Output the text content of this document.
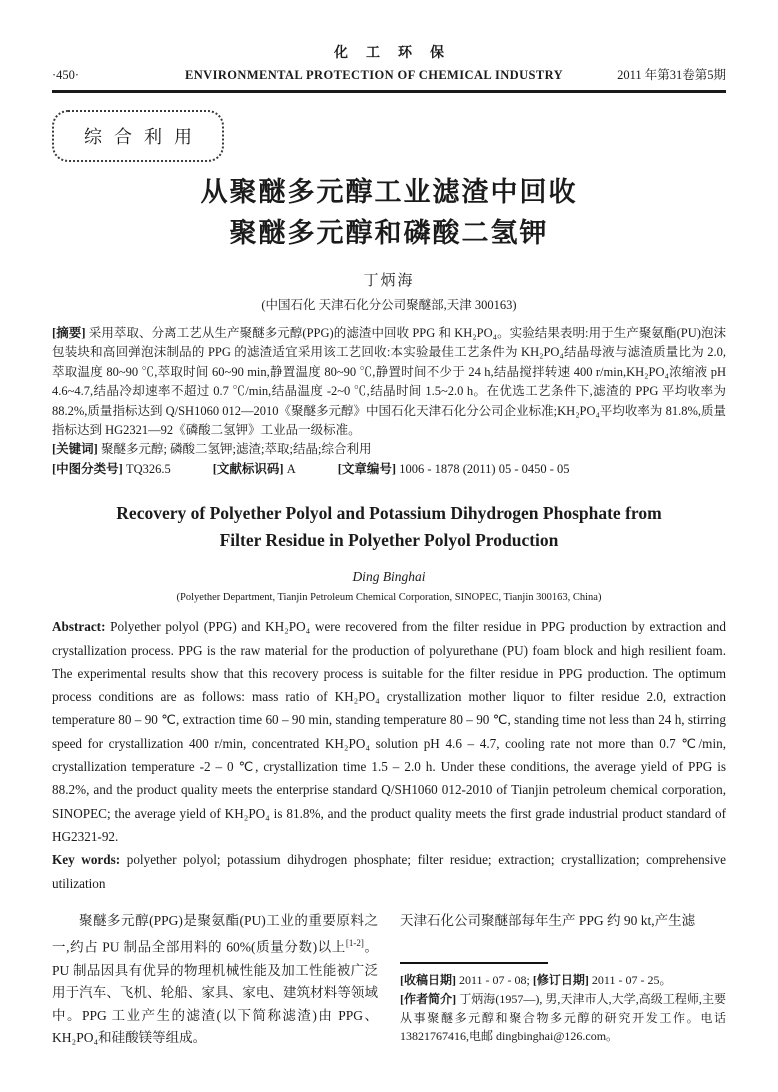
化工环保
·450·	ENVIRONMENTAL PROTECTION OF CHEMICAL INDUSTRY	2011 年第31卷第5期
综合利用
从聚醚多元醇工业滤渣中回收
聚醚多元醇和磷酸二氢钾
丁炳海
(中国石化 天津石化分公司聚醚部,天津 300163)

[摘要] 采用萃取、分离工艺从生产聚醚多元醇(PPG)的滤渣中回收 PPG 和 KH₂PO₄。实验结果表明:用于生产聚氨酯(PU)泡沫包装块和高回弹泡沫制品的 PPG 的滤渣适宜采用该工艺回收:本实验最佳工艺条件为 KH₂PO₄结晶母液与滤渣质量比为 2.0,萃取温度 80~90 ℃,萃取时间 60~90 min,静置温度 80~90 ℃,静置时间不少于 24 h,结晶搅拌转速 400 r/min,KH₂PO₄浓缩液 pH 4.6~4.7,结晶冷却速率不超过 0.7 ℃/min,结晶温度 -2~0 ℃,结晶时间 1.5~2.0 h。在优选工艺条件下,滤渣的 PPG 平均收率为 88.2%,质量指标达到 Q/SH1060 012—2010《聚醚多元醇》中国石化天津石化分公司企业标准;KH₂PO₄平均收率为 81.8%,质量指标达到 HG2321—92《磷酸二氢钾》工业品一级标准。

[关键词] 聚醚多元醇; 磷酸二氢钾;滤渣;萃取;结晶;综合利用

[中图分类号] TQ326.5	[文献标识码] A	[文章编号] 1006 - 1878 (2011) 05 - 0450 - 05
Recovery of Polyether Polyol and Potassium Dihydrogen Phosphate from
Filter Residue in Polyether Polyol Production
Ding Binghai
(Polyether Department, Tianjin Petroleum Chemical Corporation, SINOPEC, Tianjin 300163, China)

Abstract: Polyether polyol (PPG) and KH₂PO₄ were recovered from the filter residue in PPG production by extraction and crystallization process. PPG is the raw material for the production of polyurethane (PU) foam block and high resilient foam. The experimental results show that this recovery process is suitable for the filter residue in PPG production. The optimum process conditions are as follows: mass ratio of KH₂PO₄ crystallization mother liquor to filter residue 2.0, extraction temperature 80 – 90 ℃, extraction time 60 – 90 min, standing temperature 80 – 90 ℃, standing time not less than 24 h, stirring speed for crystallization 400 r/min, concentrated KH₂PO₄ solution pH 4.6 – 4.7, cooling rate not more than 0.7 ℃/min, crystallization temperature -2 – 0 ℃, crystallization time 1.5 – 2.0 h. Under these conditions, the average yield of PPG is 88.2%, and the product quality meets the enterprise standard Q/SH1060 012-2010 of Tianjin petroleum chemical corporation, SINOPEC; the average yield of KH₂PO₄ is 81.8%, and the product quality meets the first grade industrial product standard of HG2321-92.

Key words: polyether polyol; potassium dihydrogen phosphate; filter residue; extraction; crystallization; comprehensive utilization

聚醚多元醇(PPG)是聚氨酯(PU)工业的重要原料之一,约占 PU 制品全部用料的 60%(质量分数)以上[1-2]。PU 制品因具有优异的物理机械性能及加工性能被广泛用于汽车、飞机、轮船、家具、家电、建筑材料等领域中。PPG 工业产生的滤渣(以下简称滤渣)由 PPG、KH₂PO₄和硅酸镁等组成。

天津石化公司聚醚部每年生产 PPG 约 90 kt,产生滤

[收稿日期] 2011 - 07 - 08; [修订日期] 2011 - 07 - 25。

[作者简介] 丁炳海(1957—), 男,天津市人,大学,高级工程师,主要从事聚醚多元醇和聚合物多元醇的研究开发工作。电话 13821767416,电邮 dingbinghai@126.com。
